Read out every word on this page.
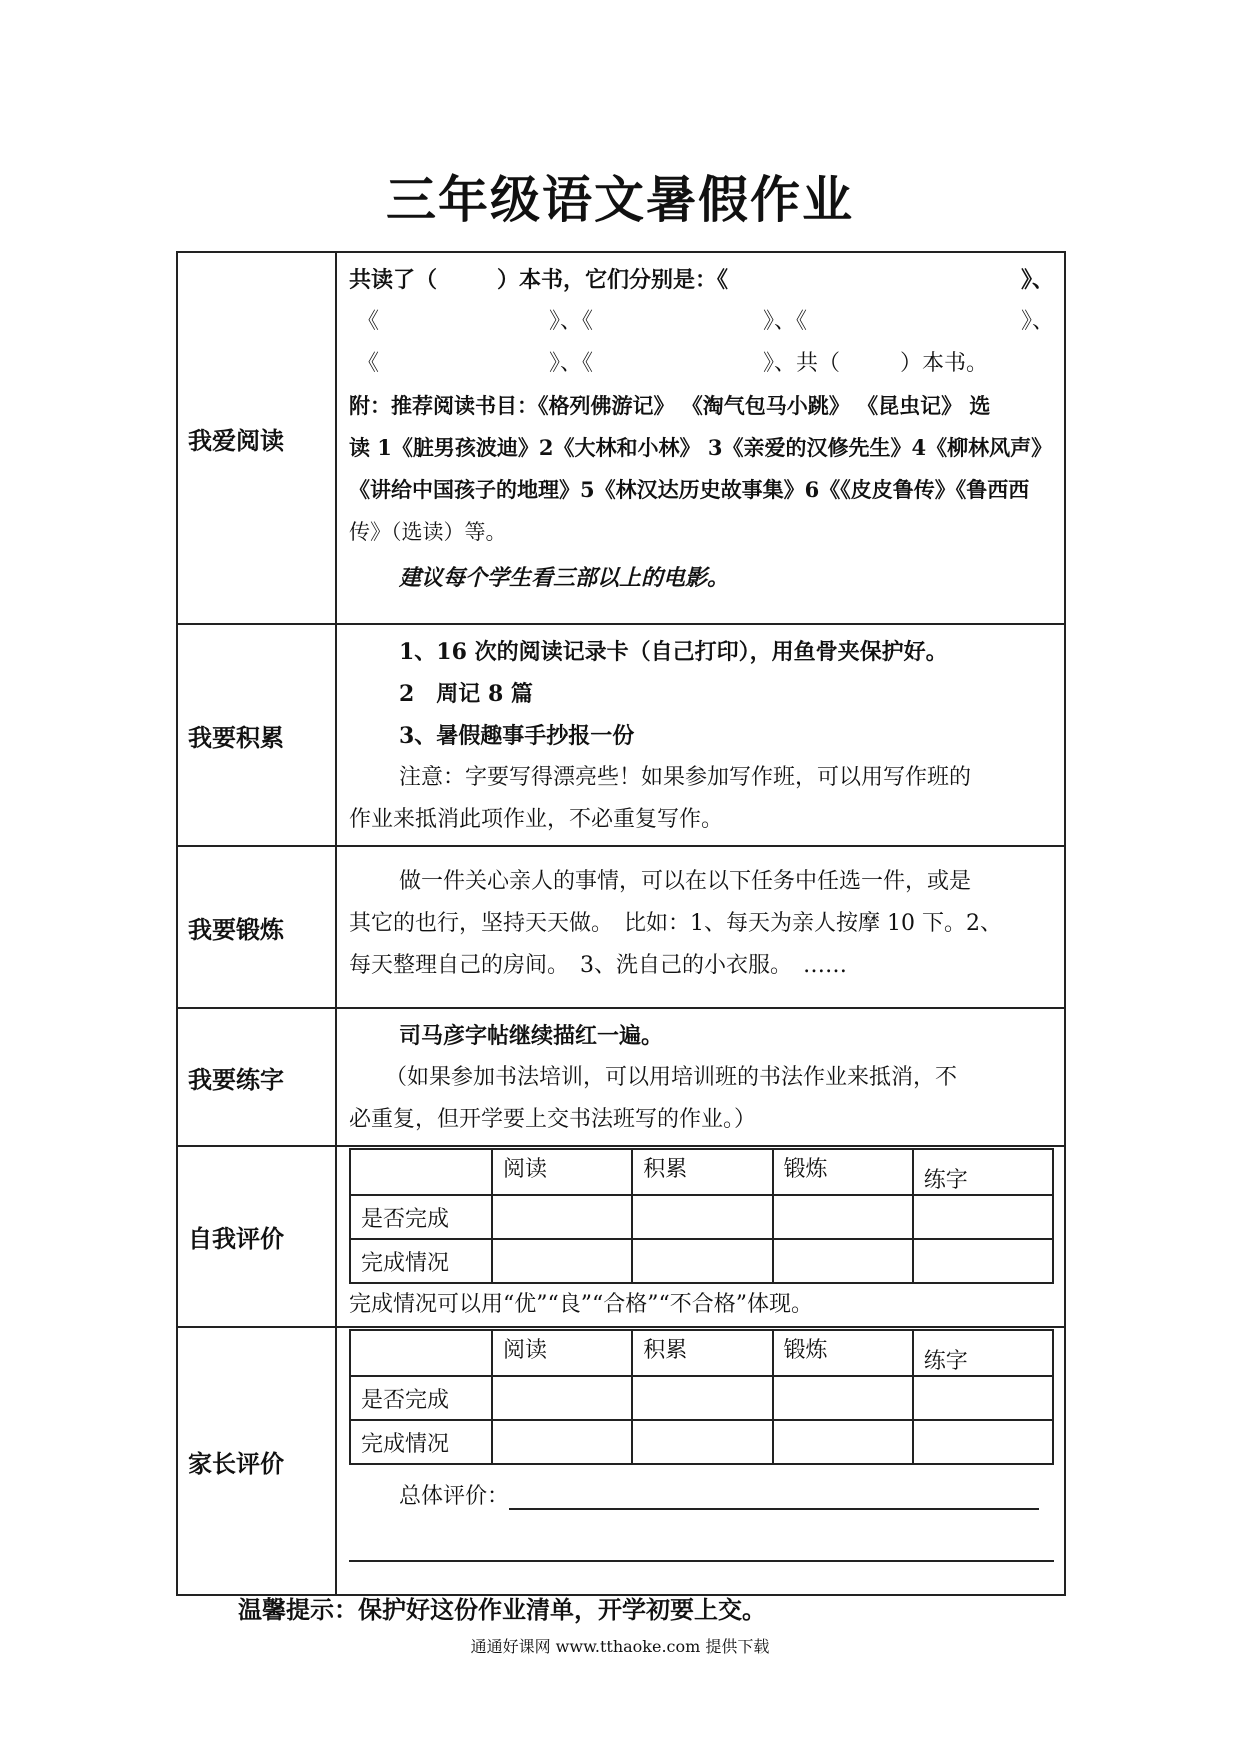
三年级语文暑假作业
我爱阅读	
共读了（	）本书，它们分别是：《	》、
《	》、《	》、《	》、
《	》、《	》、共（	）本书。
附：推荐阅读书目：《格列佛游记》 《淘气包马小跳》 《昆虫记》 选
读 1《脏男孩波迪》2《大林和小林》 3《亲爱的汉修先生》4《柳林风声》
《讲给中国孩子的地理》5《林汉达历史故事集》6《《皮皮鲁传》《鲁西西
传》（选读）等。
建议每个学生看三部以上的电影。

我要积累	
1、16 次的阅读记录卡（自己打印），用鱼骨夹保护好。
2　周记 8 篇
3、暑假趣事手抄报一份
注意：字要写得漂亮些！如果参加写作班，可以用写作班的
作业来抵消此项作业，不必重复写作。

我要锻炼	
做一件关心亲人的事情，可以在以下任务中任选一件，或是
其它的也行，坚持天天做。　比如：1、每天为亲人按摩 10 下。2、
每天整理自己的房间。　3、洗自己的小衣服。　……

我要练字	
司马彦字帖继续描红一遍。
（如果参加书法培训，可以用培训班的书法作业来抵消，不
必重复，但开学要上交书法班写的作业。）

自我评价	
	阅读	积累	锻炼	练字
是否完成				
完成情况				
完成情况可以用“优”“良”“合格”“不合格”体现。

家长评价	
	阅读	积累	锻炼	练字
是否完成				
完成情况				
总体评价：
温馨提示：保护好这份作业清单，开学初要上交。
通通好课网 www.tthaoke.com 提供下载
